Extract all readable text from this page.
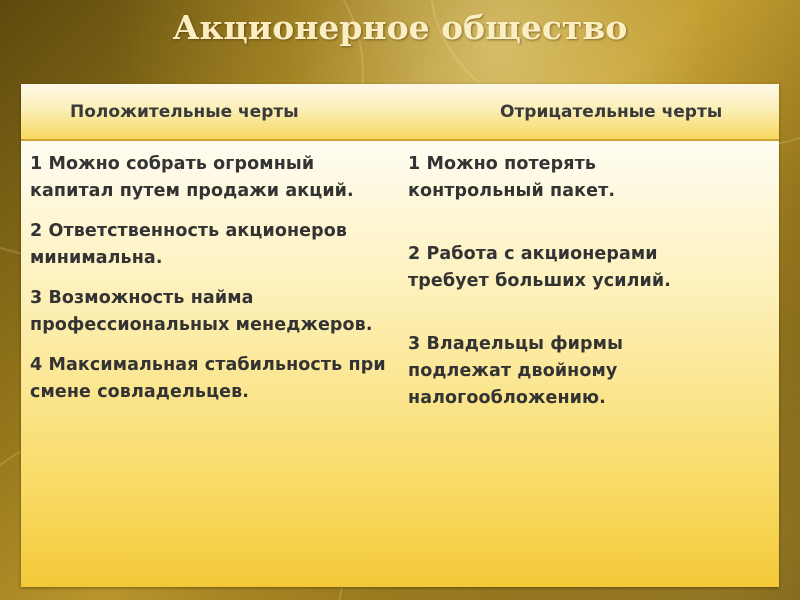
Акционерное общество
Положительные черты	Отрицательные черты
1 Можно собрать огромный капитал путем продажи акций.
2 Ответственность акционеров минимальна.
3 Возможность найма профессиональных менеджеров.
4 Максимальная стабильность при смене совладельцев.
1 Можно потерять контрольный пакет.
2 Работа с акционерами требует больших усилий.
3 Владельцы фирмы подлежат двойному налогообложению.
